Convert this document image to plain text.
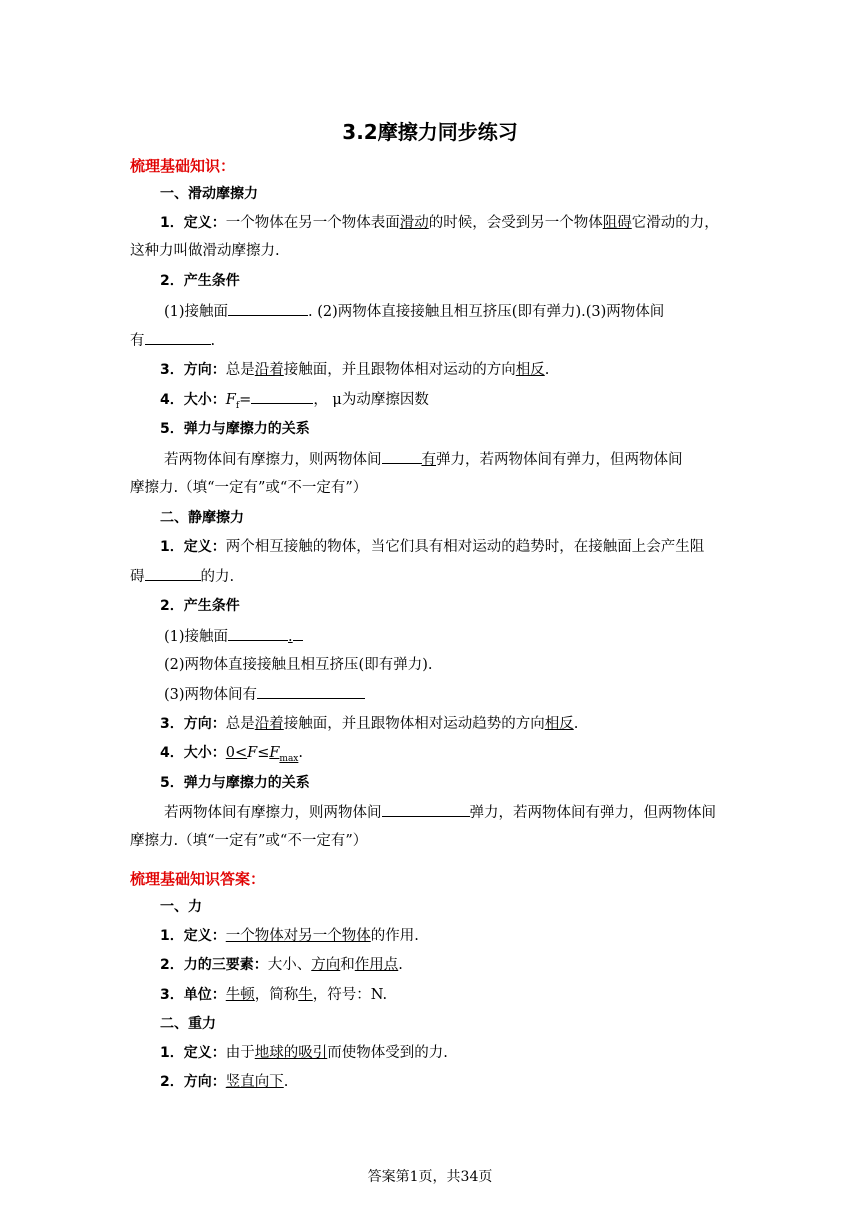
3.2摩擦力同步练习
梳理基础知识：
一、滑动摩擦力
1．定义：一个物体在另一个物体表面滑动的时候，会受到另一个物体阻碍它滑动的力，
这种力叫做滑动摩擦力.
2．产生条件
(1)接触面	. (2)两物体直接接触且相互挤压(即有弹力).(3)两物体间
有	.
3．方向：总是沿着接触面，并且跟物体相对运动的方向相反.
4．大小：$F_f=$	， μ为动摩擦因数
5．弹力与摩擦力的关系
若两物体间有摩擦力，则两物体间	有弹力，若两物体间有弹力，但两物体间
摩擦力.（填“一定有”或“不一定有”）
二、静摩擦力
1．定义：两个相互接触的物体，当它们具有相对运动的趋势时，在接触面上会产生阻
碍	的力.
2．产生条件
(1)接触面	.
(2)两物体直接接触且相互挤压(即有弹力).
(3)两物体间有
3．方向：总是沿着接触面，并且跟物体相对运动趋势的方向相反.
4．大小：$0<F\le F_{max}$.
5．弹力与摩擦力的关系
若两物体间有摩擦力，则两物体间	弹力，若两物体间有弹力，但两物体间
摩擦力.（填“一定有”或“不一定有”）
梳理基础知识答案：
一、力
1．定义：一个物体对另一个物体的作用.
2．力的三要素：大小、方向和作用点.
3．单位：牛顿，简称牛，符号：N.
二、重力
1．定义：由于地球的吸引而使物体受到的力.
2．方向：竖直向下.
答案第1页，共34页
